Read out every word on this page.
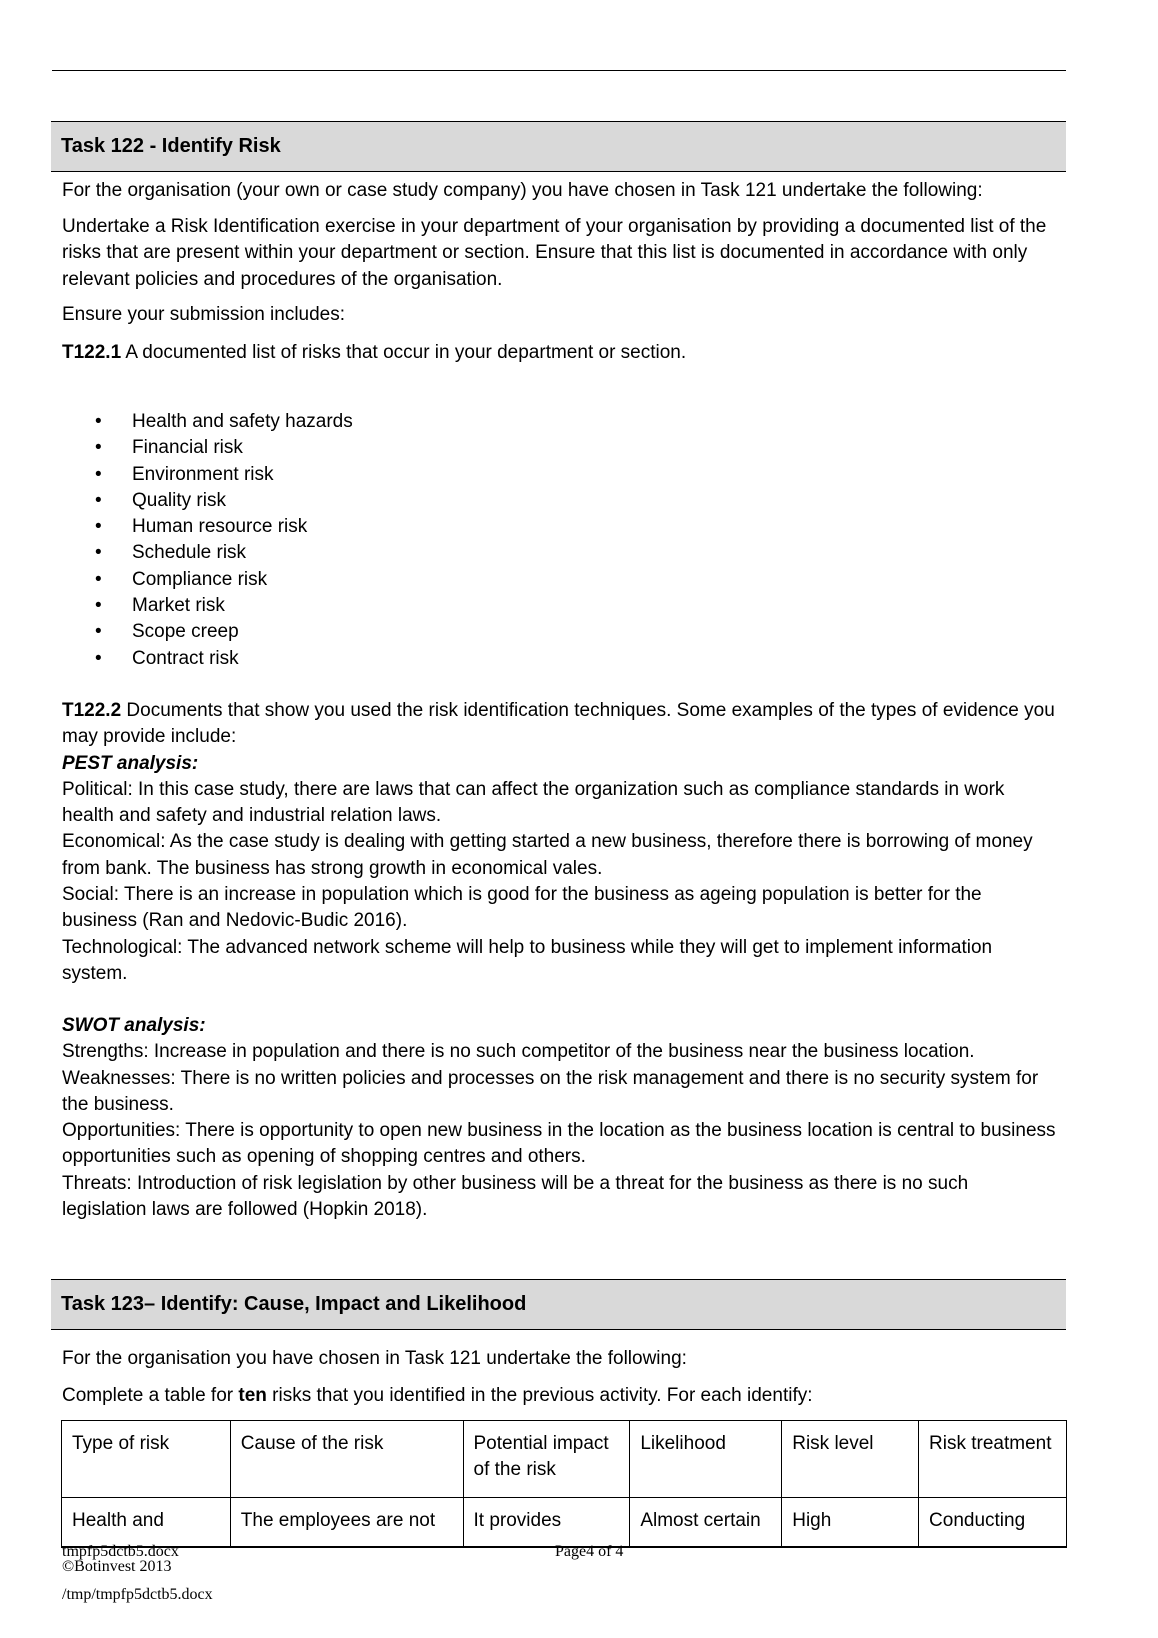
Task 122 - Identify Risk
For the organisation (your own or case study company) you have chosen in Task 121 undertake the following:
Undertake a Risk Identification exercise in your department of your organisation by providing a documented list of the risks that are present within your department or section. Ensure that this list is documented in accordance with only relevant policies and procedures of the organisation.
Ensure your submission includes:
T122.1 A documented list of risks that occur in your department or section.
• Health and safety hazards
• Financial risk
• Environment risk
• Quality risk
• Human resource risk
• Schedule risk
• Compliance risk
• Market risk
• Scope creep
• Contract risk
T122.2 Documents that show you used the risk identification techniques. Some examples of the types of evidence you may provide include:
PEST analysis:
Political: In this case study, there are laws that can affect the organization such as compliance standards in work health and safety and industrial relation laws.
Economical: As the case study is dealing with getting started a new business, therefore there is borrowing of money from bank. The business has strong growth in economical vales.
Social: There is an increase in population which is good for the business as ageing population is better for the business (Ran and Nedovic-Budic 2016).
Technological: The advanced network scheme will help to business while they will get to implement information system.
SWOT analysis:
Strengths: Increase in population and there is no such competitor of the business near the business location.
Weaknesses: There is no written policies and processes on the risk management and there is no security system for the business.
Opportunities: There is opportunity to open new business in the location as the business location is central to business opportunities such as opening of shopping centres and others.
Threats: Introduction of risk legislation by other business will be a threat for the business as there is no such legislation laws are followed (Hopkin 2018).
Task 123– Identify: Cause, Impact and Likelihood
For the organisation you have chosen in Task 121 undertake the following:
Complete a table for ten risks that you identified in the previous activity. For each identify:
Type of risk	Cause of the risk	Potential impact of the risk	Likelihood	Risk level	Risk treatment

Health and	The employees are not	It provides	Almost certain	High	Conducting
tmpfp5dctb5.docx
©Botinvest 2013
Page4 of 4
/tmp/tmpfp5dctb5.docx
